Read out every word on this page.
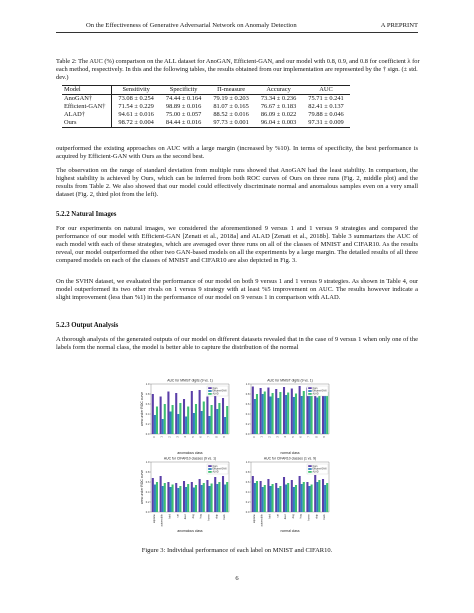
On the Effectiveness of Generative Adversarial Network on Anomaly Detection	A PREPRINT
Table 2: The AUC (%) comparison on the ALL dataset for AnoGAN, Efficient-GAN, and our model with 0.8, 0.9, and 0.8 for coefficient λ for each method, respectively. In this and the following tables, the results obtained from our implementation are represented by the † sign. (± std. dev.)
Model	Sensitivity	Specificity	Π-measure	Accuracy	AUC
AnoGAN†	73.08 ± 0.254	74.44 ± 0.164	79.19 ± 0.203	73.34 ± 0.236	75.71 ± 0.241
Efficient-GAN†	71.54 ± 0.229	98.89 ± 0.016	81.07 ± 0.165	76.67 ± 0.183	82.41 ± 0.137
ALAD†	94.61 ± 0.016	75.00 ± 0.057	88.52 ± 0.016	86.09 ± 0.022	79.88 ± 0.046
Ours	98.72 ± 0.004	84.44 ± 0.016	97.73 ± 0.001	96.04 ± 0.003	97.31 ± 0.009
outperformed the existing approaches on AUC with a large margin (increased by %10). In terms of specificity, the best performance is acquired by Efficient-GAN with Ours as the second best.
The observation on the range of standard deviation from multiple runs showed that AnoGAN had the least stability. In comparison, the highest stability is achieved by Ours, which can be inferred from both ROC curves of Ours on three runs (Fig. 2, middle plot) and the results from Table 2. We also showed that our model could effectively discriminate normal and anomalous samples even on a very small dataset (Fig. 2, third plot from the left).
5.2.2 Natural Images
For our experiments on natural images, we considered the aforementioned 9 versus 1 and 1 versus 9 strategies and compared the performance of our model with Efficient-GAN [Zenati et al., 2018a] and ALAD [Zenati et al., 2018b]. Table 3 summarizes the AUC of each model with each of these strategies, which are averaged over three runs on all of the classes of MNIST and CIFAR10. As the results reveal, our model outperformed the other two GAN-based models on all the experiments by a large margin. The detailed results of all three compared models on each of the classes of MNIST and CIFAR10 are also depicted in Fig. 3.
On the SVHN dataset, we evaluated the performance of our model on both 9 versus 1 and 1 versus 9 strategies. As shown in Table 4, our model outperformed its two other rivals on 1 versus 9 strategy with at least %5 improvement on AUC. The results however indicate a slight improvement (less than %1) in the performance of our model on 9 versus 1 in comparison with ALAD.
5.2.3 Output Analysis
A thorough analysis of the generated outputs of our model on different datasets revealed that in the case of 9 versus 1 when only one of the labels form the normal class, the model is better able to capture the distribution of the normal
AUC for MNIST digits (9 vs. 1)
0.0
0.2
0.4
0.6
0.8
1.0
0 1 2 3 4 5 6 7 8 9
anomalous class
area under ROC curve
Ours
Efficient-GAN
ALAD
AUC for MNIST digits (9 vs. 1)
0.0
0.2
0.4
0.6
0.8
1.0
0 1 2 3 4 5 6 7 8 9
normal class
Ours
Efficient-GAN
ALAD
AUC for CIFAR10 classes (9 vs. 1)
0.0
0.2
0.4
0.6
0.8
1.0
airplane automobile bird cat deer dog frog horse ship truck
anomalous class
area under ROC curve
Ours
Efficient-GAN
ALAD
AUC for CIFAR10 classes (1 vs. 9)
0.0
0.2
0.4
0.6
0.8
1.0
airplane automobile bird cat deer dog frog horse ship truck
normal class
Ours
Efficient-GAN
ALAD
Figure 3: Individual performance of each label on MNIST and CIFAR10.
6
